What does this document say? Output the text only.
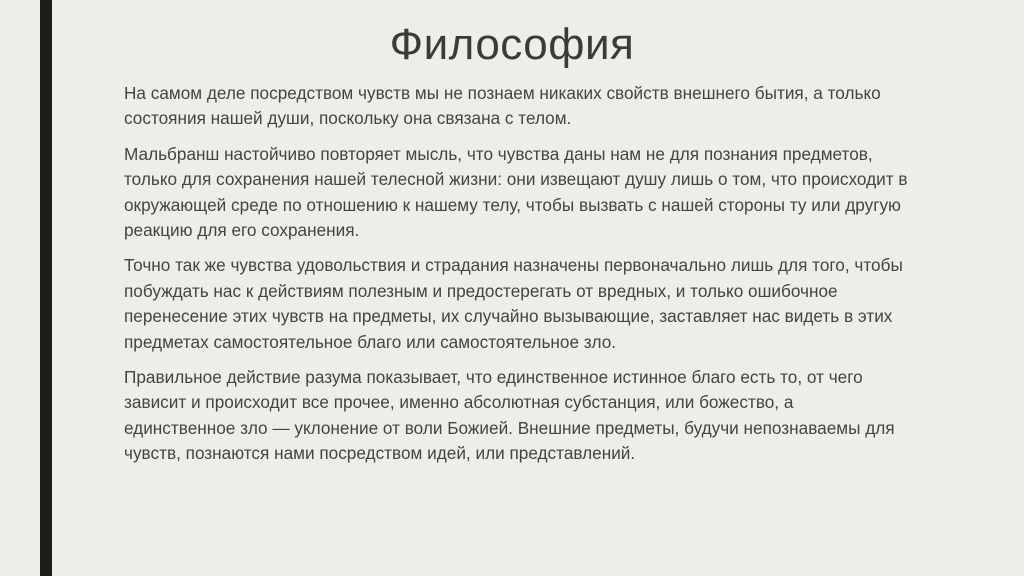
Философия

На самом деле посредством чувств мы не познаем никаких свойств внешнего бытия, а только состояния нашей души, поскольку она связана с телом.

Мальбранш настойчиво повторяет мысль, что чувства даны нам не для познания предметов, только для сохранения нашей телесной жизни: они извещают душу лишь о том, что происходит в окружающей среде по отношению к нашему телу, чтобы вызвать с нашей стороны ту или другую реакцию для его сохранения.

Точно так же чувства удовольствия и страдания назначены первоначально лишь для того, чтобы побуждать нас к действиям полезным и предостерегать от вредных, и только ошибочное перенесение этих чувств на предметы, их случайно вызывающие, заставляет нас видеть в этих предметах самостоятельное благо или самостоятельное зло.

Правильное действие разума показывает, что единственное истинное благо есть то, от чего зависит и происходит все прочее, именно абсолютная субстанция, или божество, а единственное зло — уклонение от воли Божией. Внешние предметы, будучи непознаваемы для чувств, познаются нами посредством идей, или представлений.
